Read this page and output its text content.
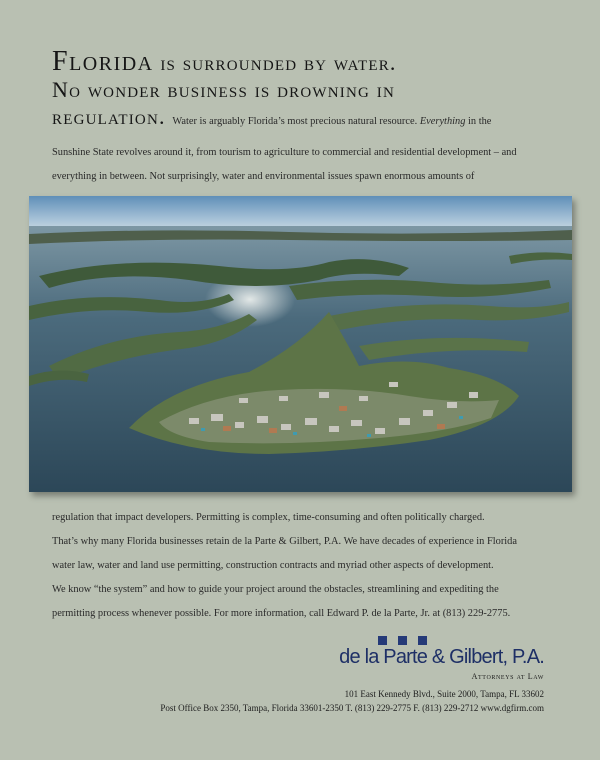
Florida is surrounded by water.
No wonder business is drowning in
regulation. Water is arguably Florida’s most precious natural resource. Everything in the
Sunshine State revolves around it, from tourism to agriculture to commercial and residential development – and
everything in between. Not surprisingly, water and environmental issues spawn enormous amounts of
regulation that impact developers. Permitting is complex, time-consuming and often politically charged.
That’s why many Florida businesses retain de la Parte & Gilbert, P.A. We have decades of experience in Florida
water law, water and land use permitting, construction contracts and myriad other aspects of development.
We know “the system” and how to guide your project around the obstacles, streamlining and expediting the
permitting process whenever possible. For more information, call Edward P. de la Parte, Jr. at (813) 229-2775.
de la Parte & Gilbert, P.A.
Attorneys at Law
101 East Kennedy Blvd., Suite 2000, Tampa, FL 33602
Post Office Box 2350, Tampa, Florida 33601-2350 T. (813) 229-2775 F. (813) 229-2712 www.dgfirm.com
